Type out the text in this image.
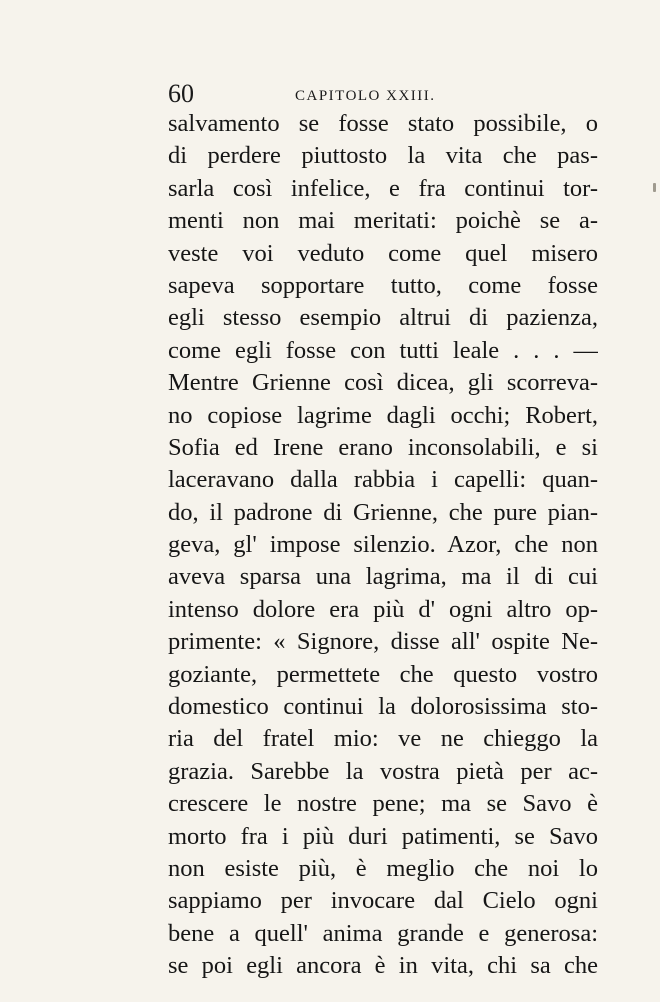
60	CAPITOLO XXIII.
salvamento se fosse stato possibile, o
di perdere piuttosto la vita che pas-
sarla così infelice, e fra continui tor-
menti non mai meritati: poichè se a-
veste voi veduto come quel misero
sapeva sopportare tutto, come fosse
egli stesso esempio altrui di pazienza,
come egli fosse con tutti leale . . . —
Mentre Grienne così dicea, gli scorreva-
no copiose lagrime dagli occhi; Robert,
Sofia ed Irene erano inconsolabili, e si
laceravano dalla rabbia i capelli: quan-
do, il padrone di Grienne, che pure pian-
geva, gl' impose silenzio. Azor, che non
aveva sparsa una lagrima, ma il di cui
intenso dolore era più d' ogni altro op-
primente: « Signore, disse all' ospite Ne-
goziante, permettete che questo vostro
domestico continui la dolorosissima sto-
ria del fratel mio: ve ne chieggo la
grazia. Sarebbe la vostra pietà per ac-
crescere le nostre pene; ma se Savo è
morto fra i più duri patimenti, se Savo
non esiste più, è meglio che noi lo
sappiamo per invocare dal Cielo ogni
bene a quell' anima grande e generosa:
se poi egli ancora è in vita, chi sa che
